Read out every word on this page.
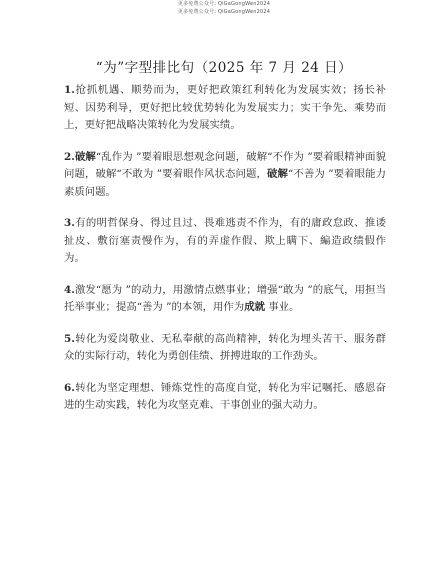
更多免费公众号: QiGeGongWen2024
更多免费公众号: QiGeGongWen2024
“为”字型排比句（2025 年 7 月 24 日）

1.抢抓机遇、顺势而为，更好把政策红利转化为发展实效；扬长补短、因势利导，更好把比较优势转化为发展实力；实干争先、乘势而上，更好把战略决策转化为发展实绩。

2.破解“乱作为 ”要着眼思想观念问题，破解“不作为 ”要着眼精神面貌问题，破解“不敢为 ”要着眼作风状态问题，破解“不善为 ”要着眼能力素质问题。

3.有的明哲保身、得过且过、畏难逃责不作为，有的庸政怠政、推诿扯皮、敷衍塞责慢作为，有的弄虚作假、欺上瞒下、編造政绩假作为。

4.激发“愿为 ”的动力，用激情点燃事业；增强“敢为 ”的底气，用担当托举事业；提高“善为 ”的本领，用作为成就 事业。

5.转化为爱岗敬业、无私奉献的高尚精神，转化为埋头苦干、服务群众的实际行动，转化为勇创佳绩、拼搏进取的工作劲头。

6.转化为坚定理想、锤炼党性的高度自觉，转化为牢记嘱托、感恩奋进的生动实践，转化为攻坚克难、干事创业的强大动力。
